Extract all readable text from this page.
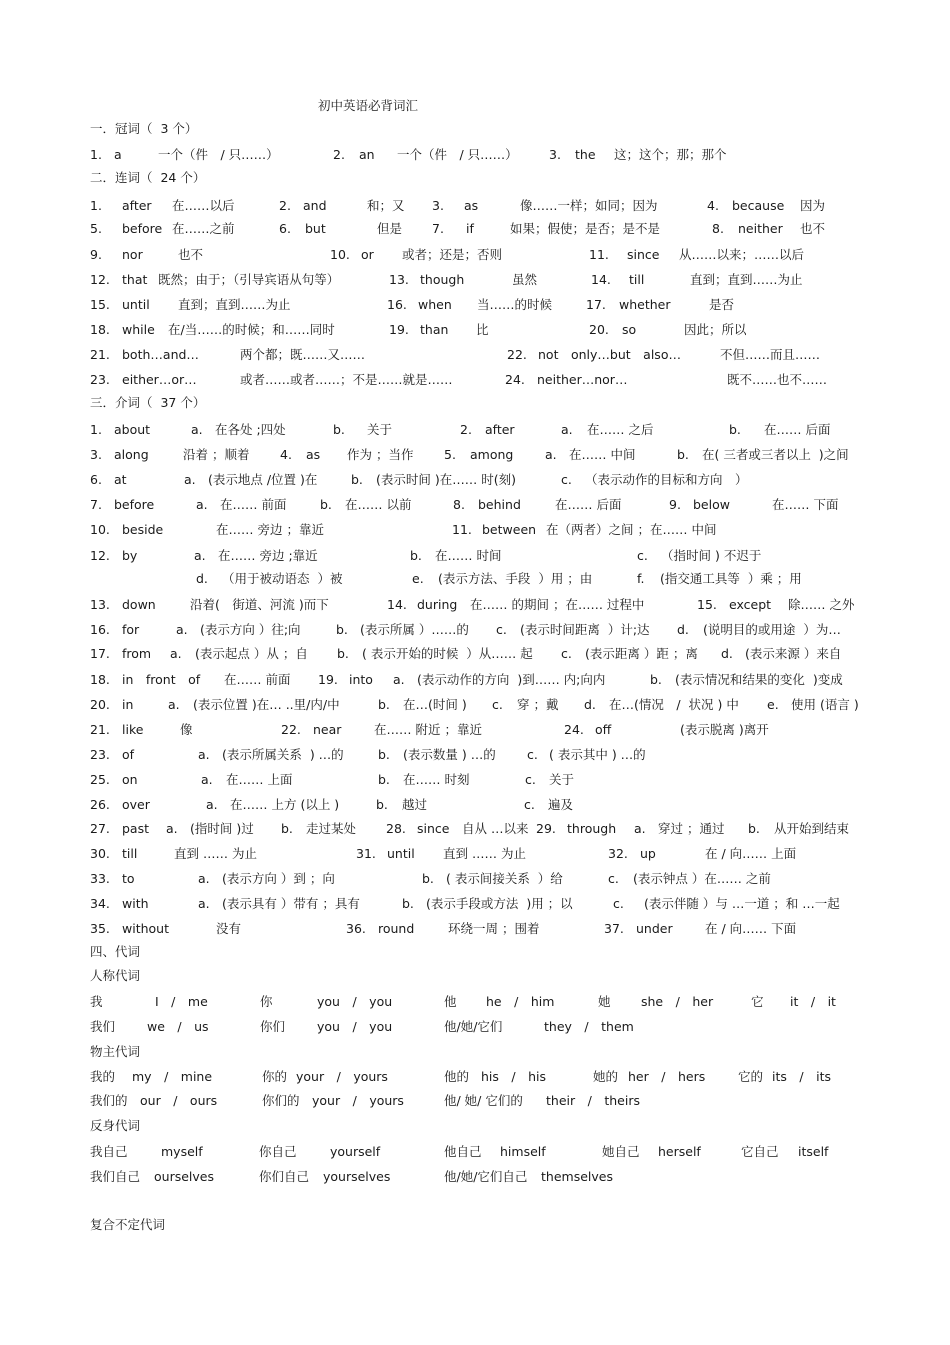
初中英语必背词汇
一．冠词（  3 个）
1. a	一个（件　/ 只……）	2. an 一个（件　/ 只……）	3. the 这；这个；那；那个
二．连词（  24 个）
1. after 在……以后	2. and	和；又 3. as	像……一样；如同；因为	4. because 因为
5. before 在……之前	6. but	但是 7. if	如果；假使；是否；是不是	8. neither 也不
9. nor	也不	10. or 或者；还是；否则	11. since 从……以来；……以后
12. that 既然；由于；（引导宾语从句等）	13. though	虽然	14. till	直到；直到……为止
15. until 直到；直到……为止	16. when 当……的时候	17. whether	是否
18. while 在/当……的时候；和……同时	19. than 比	20. so	因此；所以
21. both…and…	两个都；既……又……	22. not　only…but　also…	不但……而且……
23. either…or…	或者……或者……；不是……就是……	24. neither…nor…	既不……也不……
三．介词（  37 个）
1. about	a. 在各处 ;四处	b. 关于	2. after	a. 在…… 之后	b. 在…… 后面
3. along	沿着 ；顺着 4. as 作为 ；当作 5. among	a. 在…… 中间	b. 在( 三者或三者以上  )之间
6. at	a. (表示地点 /位置 )在	b. (表示时间 )在…… 时(刻)	c. （表示动作的目标和方向　）
7. before	a. 在…… 前面	b. 在…… 以前	8. behind	在…… 后面	9. below	在…… 下面
10. beside	在…… 旁边 ；靠近	11. between 在（两者）之间 ；在…… 中间
12. by	a. 在…… 旁边 ;靠近	b. 在…… 时间	c. （指时间 ) 不迟于
d. （用于被动语态  ）被	e. (表示方法、手段  ）用 ；由	f. (指交通工具等  ）乘 ；用
13. down	沿着(　街道、河流 )而下	14. during 在…… 的期间 ；在…… 过程中	15. except 除…… 之外
16. for	a. (表示方向 ）往;向	b. (表示所属 ）……的 c. (表示时间距离  ）计;达 d. (说明目的或用途  ）为…
17. from a. (表示起点 ）从 ；自 b. ( 表示开始的时候  ）从…… 起 c. (表示距离 ）距 ；离 d. (表示来源 ）来自
18. in　front　of 在…… 前面 19. into a. (表示动作的方向  )到…… 内;向内	b. (表示情况和结果的变化  )变成
20. in	a. (表示位置 )在… ..里/内/中	b. 在…(时间 ) c. 穿 ；戴 d. 在…(情况　/  状况 ) 中 e. 使用 (语言 )
21. like	像	22. near	在…… 附近 ；靠近	24. off	(表示脱离 )离开
23. of	a. (表示所属关系  ) …的	b. (表示数量 ) …的	c. ( 表示其中 ) …的
25. on	a. 在…… 上面	b. 在…… 时刻	c. 关于
26. over	a. 在…… 上方 (以上 )	b. 越过	c. 遍及
27. past a. (指时间 )过 b. 走过某处 28. since 自从 …以来 29. through a. 穿过 ；通过 b. 从开始到结束
30. till	直到 …… 为止	31. until 直到 …… 为止	32. up	在 / 向…… 上面
33. to	a. (表示方向 ）到 ；向	b. ( 表示间接关系  ）给	c. (表示钟点 ）在…… 之前
34. with	a. (表示具有 ）带有 ；具有	b. (表示手段或方法  )用 ；以	c. (表示伴随 ）与 …一道 ；和 …一起
35. without	没有	36. round	环绕一周 ；围着	37. under	在 / 向…… 下面
四、代词
人称代词
我	I　/　me	你	you　/　you	他 he　/　him	她 she　/　her	它 it　/　it
我们	we　/　us	你们	you　/　you	他/她/它们	they　/　them
物主代词
我的 my　/　mine	你的 your　/　yours	他的 his　/　his	她的 her　/　hers	它的 its　/　its
我们的 our　/　ours	你们的 your　/　yours	他/ 她/ 它们的 their　/　theirs
反身代词
我自己	myself	你自己	yourself	他自己 himself	她自己 herself	它自己 itself
我们自己 ourselves	你们自己 yourselves	他/她/它们自己 themselves
复合不定代词
